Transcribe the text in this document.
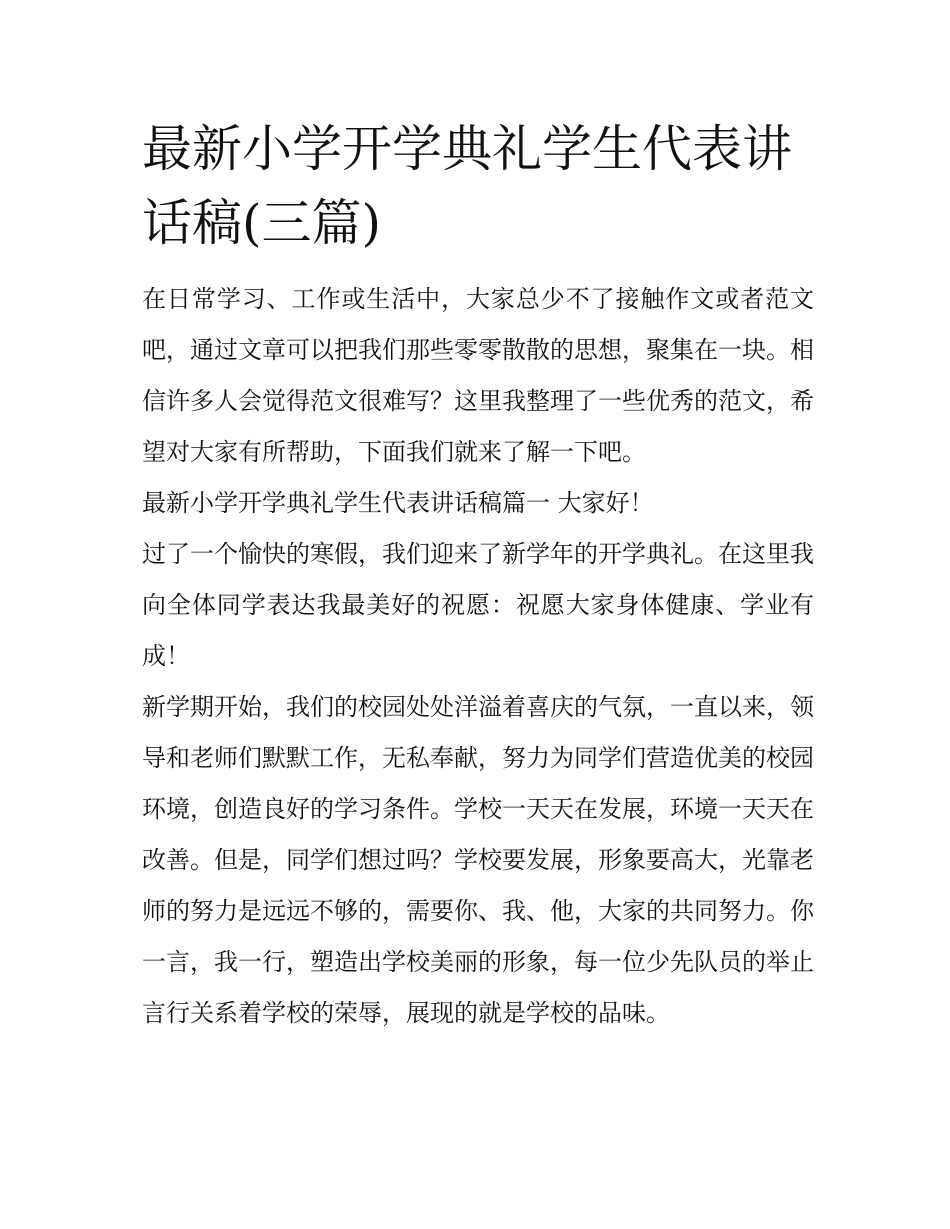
最新小学开学典礼学生代表讲话稿(三篇)

在日常学习、工作或生活中，大家总少不了接触作文或者范文吧，通过文章可以把我们那些零零散散的思想，聚集在一块。相信许多人会觉得范文很难写？这里我整理了一些优秀的范文，希望对大家有所帮助，下面我们就来了解一下吧。

最新小学开学典礼学生代表讲话稿篇一 大家好！

过了一个愉快的寒假，我们迎来了新学年的开学典礼。在这里我向全体同学表达我最美好的祝愿：祝愿大家身体健康、学业有成！

新学期开始，我们的校园处处洋溢着喜庆的气氛，一直以来，领导和老师们默默工作，无私奉献，努力为同学们营造优美的校园环境，创造良好的学习条件。学校一天天在发展，环境一天天在改善。但是，同学们想过吗？学校要发展，形象要高大，光靠老师的努力是远远不够的，需要你、我、他，大家的共同努力。你一言，我一行，塑造出学校美丽的形象，每一位少先队员的举止言行关系着学校的荣辱，展现的就是学校的品味。
